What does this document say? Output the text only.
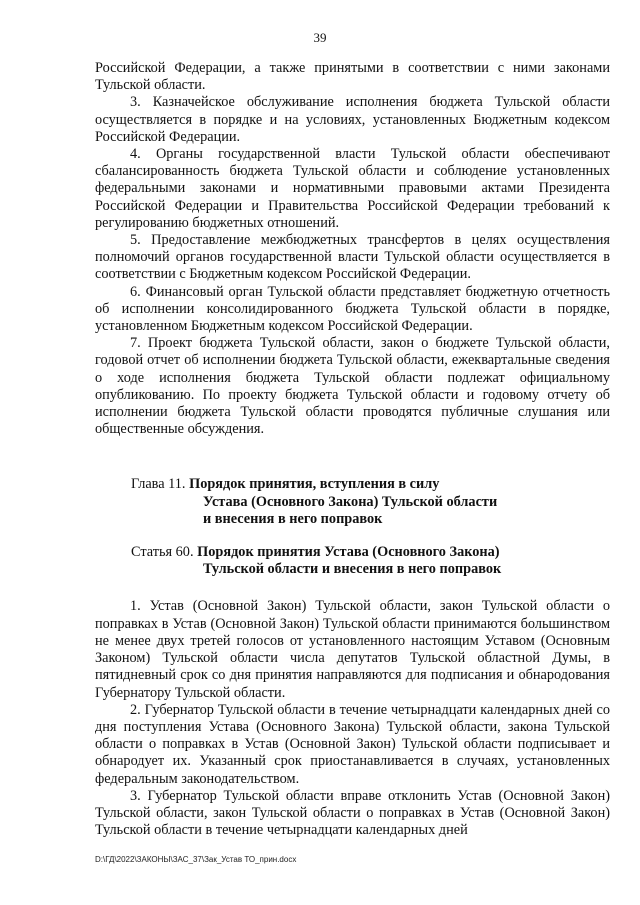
39

Российской Федерации, а также принятыми в соответствии с ними законами Тульской области.

3. Казначейское обслуживание исполнения бюджета Тульской области осуществляется в порядке и на условиях, установленных Бюджетным кодексом Российской Федерации.

4. Органы государственной власти Тульской области обеспечивают сбалансированность бюджета Тульской области и соблюдение установленных федеральными законами и нормативными правовыми актами Президента Российской Федерации и Правительства Российской Федерации требований к регулированию бюджетных отношений.

5. Предоставление межбюджетных трансфертов в целях осуществления полномочий органов государственной власти Тульской области осуществляется в соответствии с Бюджетным кодексом Российской Федерации.

6. Финансовый орган Тульской области представляет бюджетную отчетность об исполнении консолидированного бюджета Тульской области в порядке, установленном Бюджетным кодексом Российской Федерации.

7. Проект бюджета Тульской области, закон о бюджете Тульской области, годовой отчет об исполнении бюджета Тульской области, ежеквартальные сведения о ходе исполнения бюджета Тульской области подлежат официальному опубликованию. По проекту бюджета Тульской области и годовому отчету об исполнении бюджета Тульской области проводятся публичные слушания или общественные обсуждения.

Глава 11. Порядок принятия, вступления в силу
Устава (Основного Закона) Тульской области
и внесения в него поправок
Статья 60. Порядок принятия Устава (Основного Закона)
Тульской области и внесения в него поправок

1. Устав (Основной Закон) Тульской области, закон Тульской области о поправках в Устав (Основной Закон) Тульской области принимаются большинством не менее двух третей голосов от установленного настоящим Уставом (Основным Законом) Тульской области числа депутатов Тульской областной Думы, в пятидневный срок со дня принятия направляются для подписания и обнародования Губернатору Тульской области.

2. Губернатор Тульской области в течение четырнадцати календарных дней со дня поступления Устава (Основного Закона) Тульской области, закона Тульской области о поправках в Устав (Основной Закон) Тульской области подписывает и обнародует их. Указанный срок приостанавливается в случаях, установленных федеральным законодательством.

3. Губернатор Тульской области вправе отклонить Устав (Основной Закон) Тульской области, закон Тульской области о поправках в Устав (Основной Закон) Тульской области в течение четырнадцати календарных дней

D:\ГД\2022\ЗАКОНЫ\ЗАС_37\Зак_Устав ТО_прин.docx
